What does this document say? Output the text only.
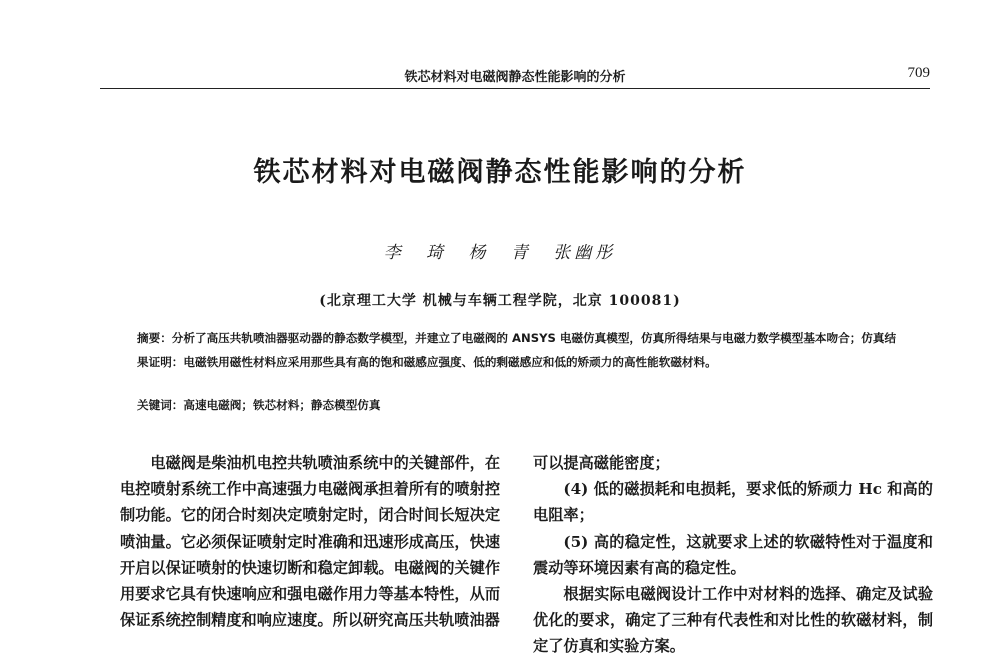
铁芯材料对电磁阀静态性能影响的分析	709
铁芯材料对电磁阀静态性能影响的分析
李 琦 杨 青 张幽彤
(北京理工大学 机械与车辆工程学院，北京 100081)
摘要：分析了高压共轨喷油器驱动器的静态数学模型，并建立了电磁阀的 ANSYS 电磁仿真模型，仿真所得结果与电磁力数学模型基本吻合；仿真结果证明：电磁铁用磁性材料应采用那些具有高的饱和磁感应强度、低的剩磁感应和低的矫顽力的高性能软磁材料。
关键词：高速电磁阀；铁芯材料；静态模型仿真

电磁阀是柴油机电控共轨喷油系统中的关键部件，在电控喷射系统工作中高速强力电磁阀承担着所有的喷射控制功能。它的闭合时刻决定喷射定时，闭合时间长短决定喷油量。它必须保证喷射定时准确和迅速形成高压，快速开启以保证喷射的快速切断和稳定卸载。电磁阀的关键作用要求它具有快速响应和强电磁作用力等基本特性，从而保证系统控制精度和响应速度。所以研究高压共轨喷油器

可以提高磁能密度；

(4) 低的磁损耗和电损耗，要求低的矫顽力 Hc 和高的电阻率；

(5) 高的稳定性，这就要求上述的软磁特性对于温度和震动等环境因素有高的稳定性。

根据实际电磁阀设计工作中对材料的选择、确定及试验优化的要求，确定了三种有代表性和对比性的软磁材料，制定了仿真和实验方案。
